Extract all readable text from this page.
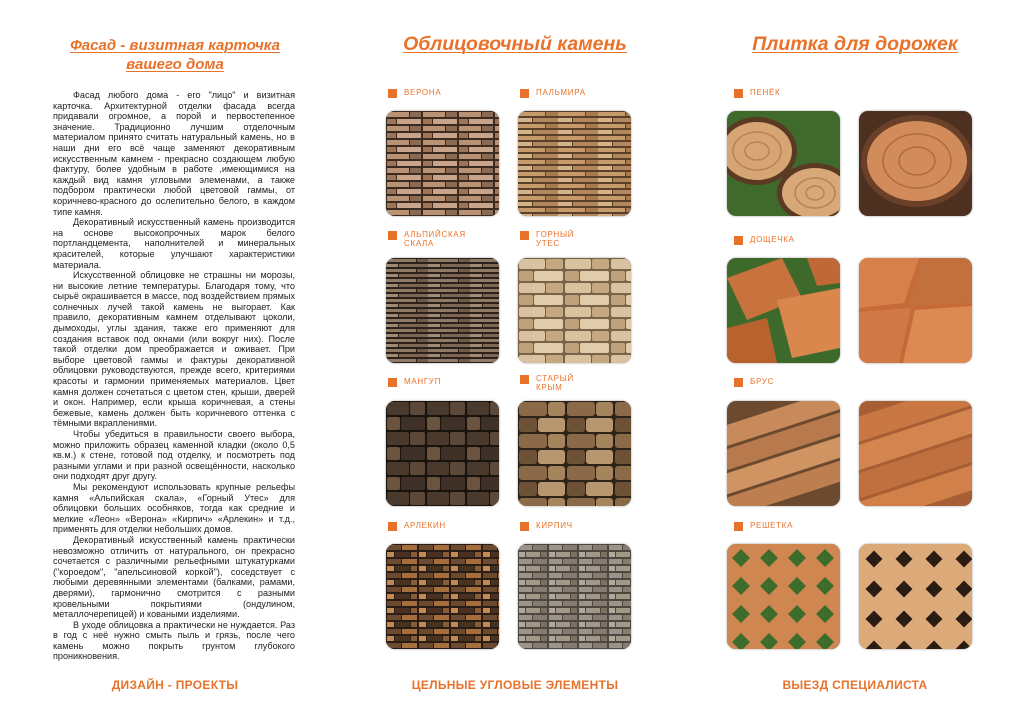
Фасад - визитная карточка вашего дома
Облицовочный камень	Плитка для дорожек

Фасад любого дома - его "лицо" и визитная карточка. Архитектурной отделки фасада всегда придавали огромное, а порой и первостепенное значение. Традиционно лучшим отделочным материалом принято считать натуральный камень, но в наши дни его всё чаще заменяют декоративным искусственным камнем - прекрасно создающем любую фактуру, более удобным в работе ,имеющимися на каждый вид камня угловыми элеменами, а также подбором практически любой цветовой гаммы, от коричнево-красного до ослепительно белого, в каждом типе камня.

Декоративный искусственный камень производится на основе высокопрочных марок белого портландцемента, наполнителей и минеральных красителей, которые улучшают характеристики материала.

Искусственной облицовке не страшны ни морозы, ни высокие летние температуры. Благодаря тому, что сырьё окрашивается в массе, под воздействием прямых солнечных лучей такой камень не выгорает. Как правило, декоративным камнем отделывают цоколи, дымоходы, углы здания, также его применяют для создания вставок под окнами (или вокруг них). После такой отделки дом преображается и оживает. При выборе цветовой гаммы и фактуры декоративной облицовки руководствуются, прежде всего, критериями красоты и гармонии применяемых материалов. Цвет камня должен сочетаться с цветом стен, крыши, дверей и окон. Например, если крыша коричневая, а стены бежевые, камень должен быть коричневого оттенка с тёмными вкраплениями.

Чтобы убедиться в правильности своего выбора, можно приложить образец каменной кладки (около 0,5 кв.м.) к стене, готовой под отделку, и посмотреть под разными углами и при разной освещённости, насколько они подходят друг другу.

Мы рекомендуют использовать крупные рельефы камня «Альпийская скала», «Горный Утес» для облицовки больших особняков, тогда как средние и мелкие «Леон» «Верона» «Кирпич» «Арлекин» и т.д., применять для отделки небольших домов.

Декоративный искусственный камень практически невозможно отличить от натурального, он прекрасно сочетается с различными рельефными штукатурками ("короедом", "апельсиновой коркой"), соседствует с любыми деревянными элементами (балками, рамами, дверями), гармонично смотрится с разными кровельными покрытиями (ондулином, металлочерепицей) и коваными изделиями.

В уходе облицовка а практически не нуждается. Раз в год с неё нужно смыть пыль и грязь, после чего камень можно покрыть грунтом глубокого проникновения.

ВЕРОНА	ПАЛЬМИРА
АЛЬПИЙСКАЯ
СКАЛА
ГОРНЫЙ
УТЕС
МАНГУП	СТАРЫЙ
КРЫМ
АРЛЕКИН	КИРПИЧ
ПЕНЁК
ДОЩЕЧКА
БРУС
РЕШЕТКА
ДИЗАЙН - ПРОЕКТЫ	ЦЕЛЬНЫЕ УГЛОВЫЕ ЭЛЕМЕНТЫ	ВЫЕЗД СПЕЦИАЛИСТА
